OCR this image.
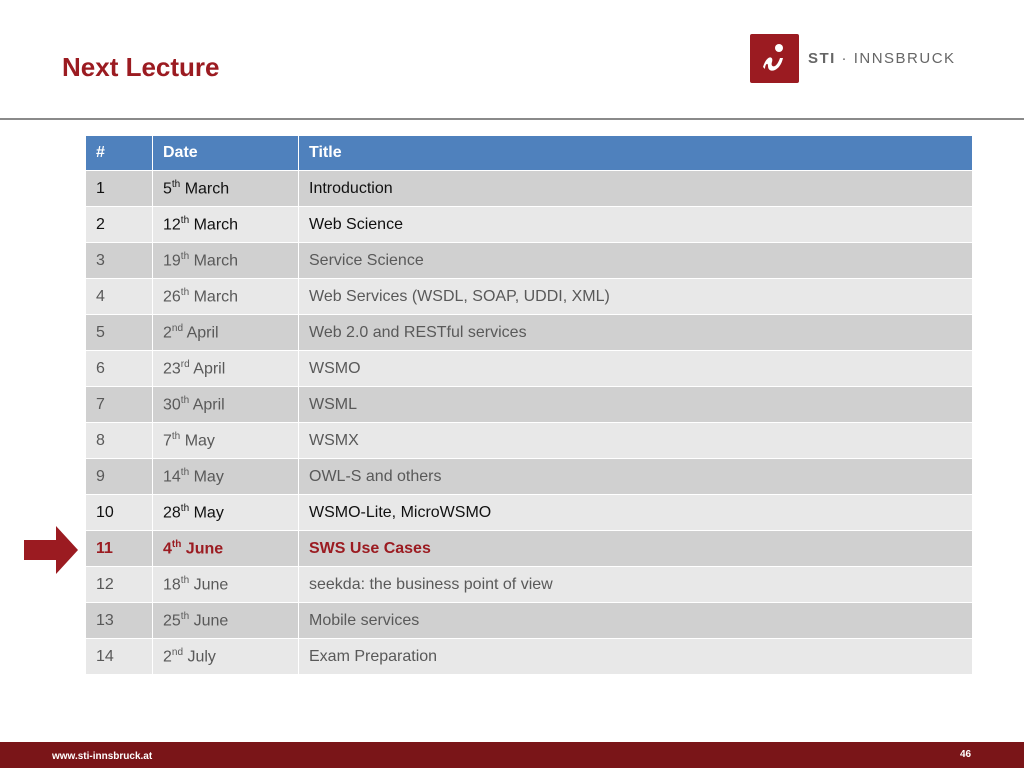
Next Lecture	STI · INNSBRUCK
#	Date	Title
1	5th March	Introduction
2	12th March	Web Science
3	19th March	Service Science
4	26th March	Web Services (WSDL, SOAP, UDDI, XML)
5	2nd April	Web 2.0 and RESTful services
6	23rd April	WSMO
7	30th April	WSML
8	7th May	WSMX
9	14th May	OWL-S and others
10	28th May	WSMO-Lite, MicroWSMO
11	4th June	SWS Use Cases
12	18th June	seekda: the business point of view
13	25th June	Mobile services
14	2nd July	Exam Preparation
www.sti-innsbruck.at	46
